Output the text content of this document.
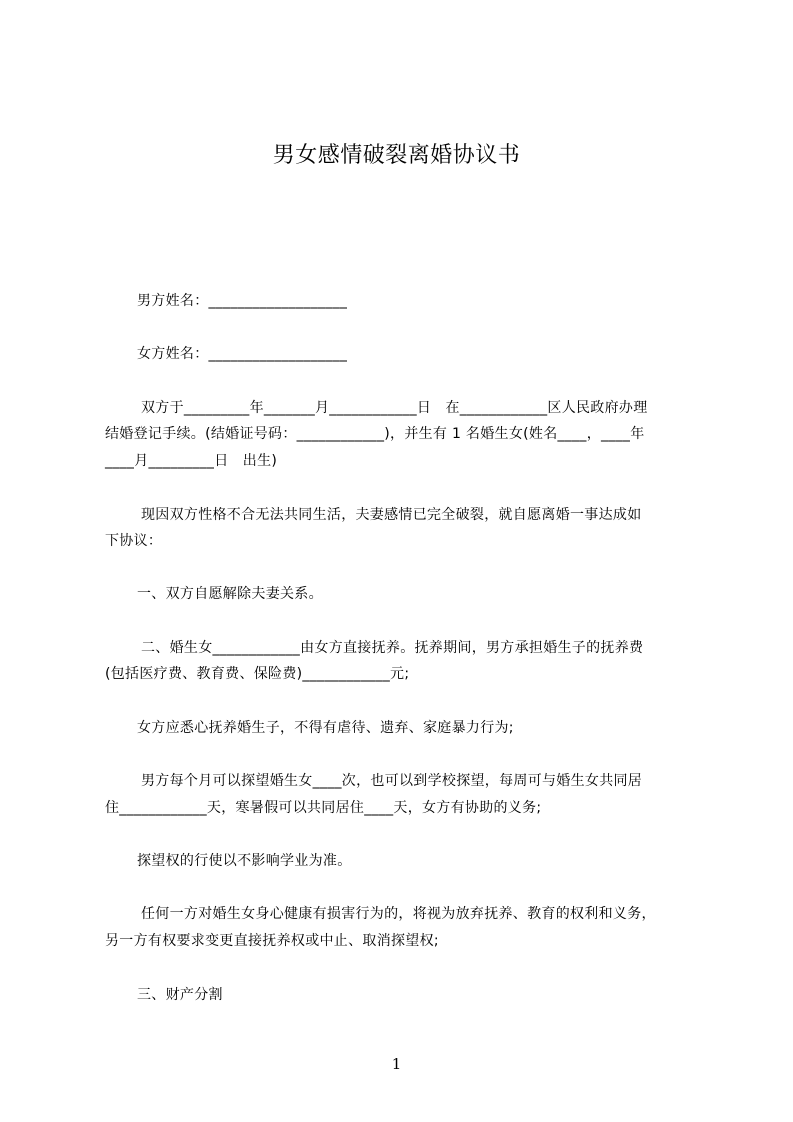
男女感情破裂离婚协议书
男方姓名：___________________
女方姓名：___________________
双方于_________年_______月____________日　在____________区人民政府办理
结婚登记手续。(结婚证号码：____________)，并生有 1 名婚生女(姓名____，____年
____月_________日　出生)
现因双方性格不合无法共同生活，夫妻感情已完全破裂，就自愿离婚一事达成如
下协议：
一、双方自愿解除夫妻关系。
二、婚生女____________由女方直接抚养。抚养期间，男方承担婚生子的抚养费
(包括医疗费、教育费、保险费)____________元;
女方应悉心抚养婚生子，不得有虐待、遗弃、家庭暴力行为;
男方每个月可以探望婚生女____次，也可以到学校探望，每周可与婚生女共同居
住____________天，寒暑假可以共同居住____天，女方有协助的义务;
探望权的行使以不影响学业为准。
任何一方对婚生女身心健康有损害行为的，将视为放弃抚养、教育的权利和义务，
另一方有权要求变更直接抚养权或中止、取消探望权;
三、财产分割
1
